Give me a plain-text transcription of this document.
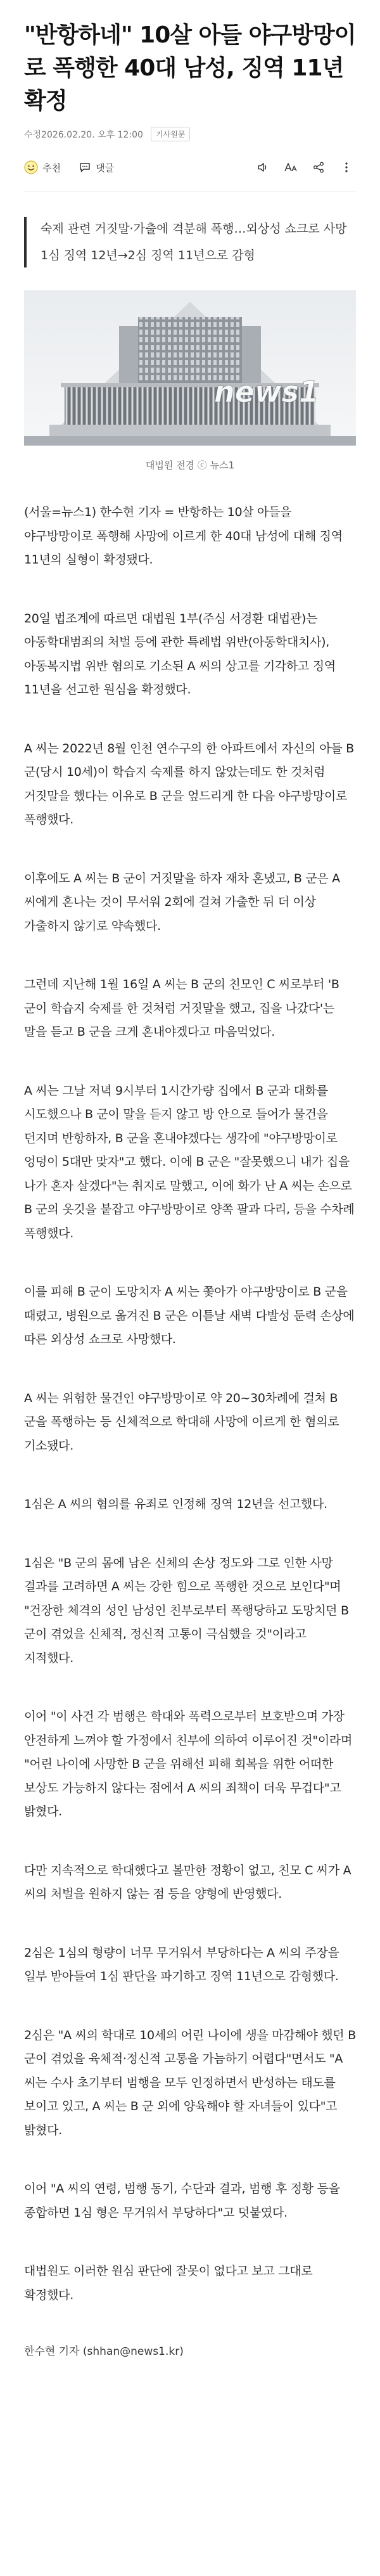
"반항하네" 10살 아들 야구방망이로 폭행한 40대 남성, 징역 11년 확정
수정2026.02.20. 오후 12:00	기사원문
추천	댓글

숙제 관련 거짓말·가출에 격분해 폭행…외상성 쇼크로 사망

1심 징역 12년→2심 징역 11년으로 감형

news1
대법원 전경 ⓒ 뉴스1

(서울=뉴스1) 한수현 기자 = 반항하는 10살 아들을 야구방망이로 폭행해 사망에 이르게 한 40대 남성에 대해 징역 11년의 실형이 확정됐다.

20일 법조계에 따르면 대법원 1부(주심 서경환 대법관)는 아동학대범죄의 처벌 등에 관한 특례법 위반(아동학대치사), 아동복지법 위반 혐의로 기소된 A 씨의 상고를 기각하고 징역 11년을 선고한 원심을 확정했다.

A 씨는 2022년 8월 인천 연수구의 한 아파트에서 자신의 아들 B 군(당시 10세)이 학습지 숙제를 하지 않았는데도 한 것처럼 거짓말을 했다는 이유로 B 군을 엎드리게 한 다음 야구방망이로 폭행했다.

이후에도 A 씨는 B 군이 거짓말을 하자 재차 혼냈고, B 군은 A 씨에게 혼나는 것이 무서워 2회에 걸쳐 가출한 뒤 더 이상 가출하지 않기로 약속했다.

그런데 지난해 1월 16일 A 씨는 B 군의 친모인 C 씨로부터 'B 군이 학습지 숙제를 한 것처럼 거짓말을 했고, 집을 나갔다'는 말을 듣고 B 군을 크게 혼내야겠다고 마음먹었다.

A 씨는 그날 저녁 9시부터 1시간가량 집에서 B 군과 대화를 시도했으나 B 군이 말을 듣지 않고 방 안으로 들어가 물건을 던지며 반항하자, B 군을 혼내야겠다는 생각에 "야구방망이로 엉덩이 5대만 맞자"고 했다. 이에 B 군은 "잘못했으니 내가 집을 나가 혼자 살겠다"는 취지로 말했고, 이에 화가 난 A 씨는 손으로 B 군의 옷깃을 붙잡고 야구방망이로 양쪽 팔과 다리, 등을 수차례 폭행했다.

이를 피해 B 군이 도망치자 A 씨는 쫓아가 야구방망이로 B 군을 때렸고, 병원으로 옮겨진 B 군은 이튿날 새벽 다발성 둔력 손상에 따른 외상성 쇼크로 사망했다.

A 씨는 위험한 물건인 야구방망이로 약 20~30차례에 걸쳐 B 군을 폭행하는 등 신체적으로 학대해 사망에 이르게 한 혐의로 기소됐다.

1심은 A 씨의 혐의를 유죄로 인정해 징역 12년을 선고했다.

1심은 "B 군의 몸에 남은 신체의 손상 정도와 그로 인한 사망 결과를 고려하면 A 씨는 강한 힘으로 폭행한 것으로 보인다"며 "건장한 체격의 성인 남성인 친부로부터 폭행당하고 도망치던 B 군이 겪었을 신체적, 정신적 고통이 극심했을 것"이라고 지적했다.

이어 "이 사건 각 범행은 학대와 폭력으로부터 보호받으며 가장 안전하게 느껴야 할 가정에서 친부에 의하여 이루어진 것"이라며 "어린 나이에 사망한 B 군을 위해선 피해 회복을 위한 어떠한 보상도 가능하지 않다는 점에서 A 씨의 죄책이 더욱 무겁다"고 밝혔다.

다만 지속적으로 학대했다고 볼만한 정황이 없고, 친모 C 씨가 A 씨의 처벌을 원하지 않는 점 등을 양형에 반영했다.

2심은 1심의 형량이 너무 무거워서 부당하다는 A 씨의 주장을 일부 받아들여 1심 판단을 파기하고 징역 11년으로 감형했다.

2심은 "A 씨의 학대로 10세의 어린 나이에 생을 마감해야 했던 B 군이 겪었을 육체적·정신적 고통을 가늠하기 어렵다"면서도 "A 씨는 수사 초기부터 범행을 모두 인정하면서 반성하는 태도를 보이고 있고, A 씨는 B 군 외에 양육해야 할 자녀들이 있다"고 밝혔다.

이어 "A 씨의 연령, 범행 동기, 수단과 결과, 범행 후 정황 등을 종합하면 1심 형은 무거워서 부당하다"고 덧붙였다.

대법원도 이러한 원심 판단에 잘못이 없다고 보고 그대로 확정했다.

한수현 기자 (shhan@news1.kr)
